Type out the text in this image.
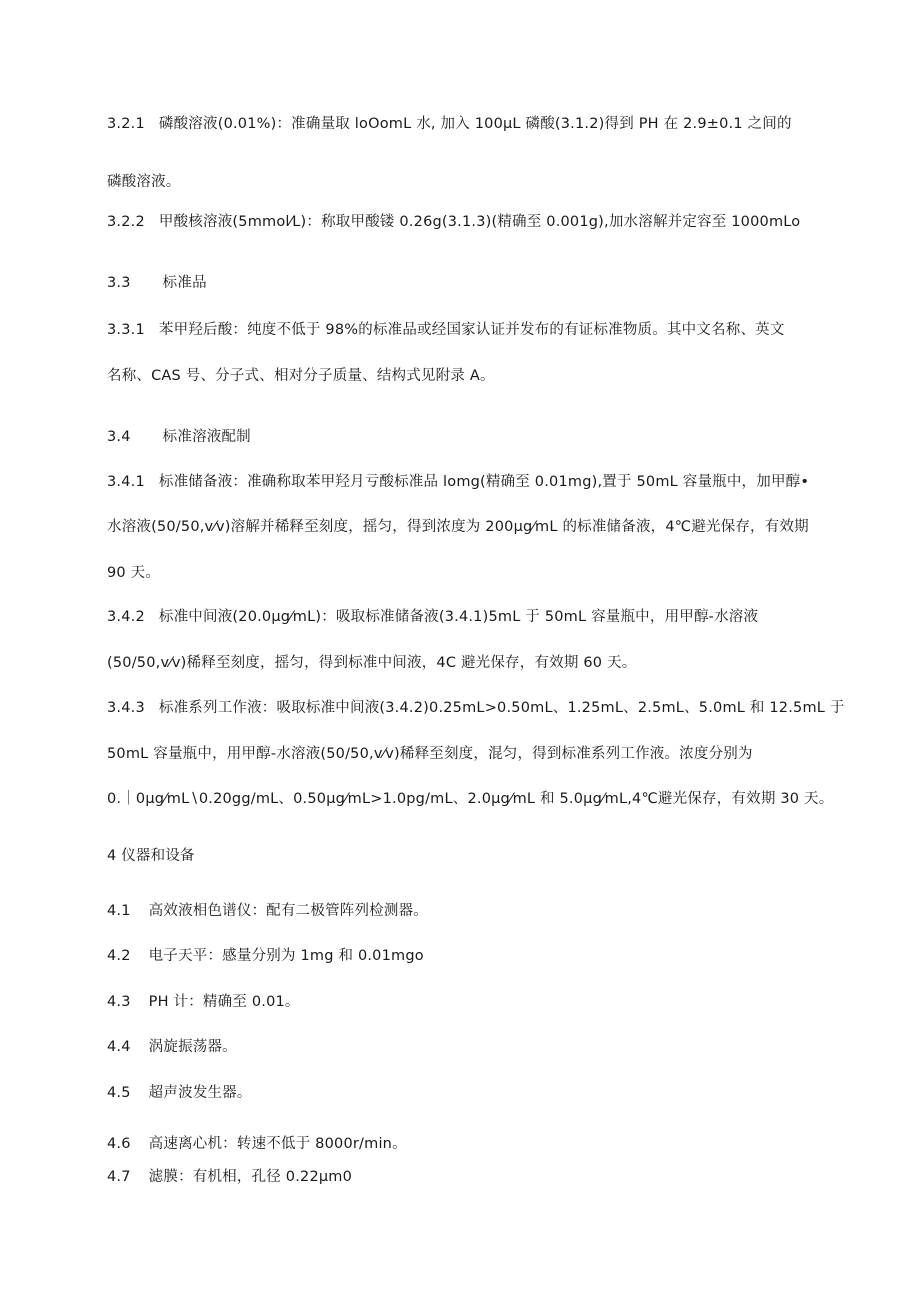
3.2.1 磷酸溶液(0.01%)：准确量取 loOomL 水, 加入 100μL 磷酸(3.1.2)得到 PH 在 2.9±0.1 之间的
磷酸溶液。
3.2.2 甲酸核溶液(5mmol⁄L)：称取甲酸镂 0.26g(3.1.3)(精确至 0.001g),加水溶解并定容至 1000mLo
3.3 标准品
3.3.1 苯甲羟后酸：纯度不低于 98%的标准品或经国家认证并发布的有证标准物质。其中文名称、英文
名称、CAS 号、分子式、相对分子质量、结构式见附录 A。
3.4 标准溶液配制
3.4.1 标准储备液：准确称取苯甲羟月亏酸标准品 lomg(精确至 0.01mg),置于 50mL 容量瓶中，加甲醇•
水溶液(50/50,v⁄v)溶解并稀释至刻度，摇匀，得到浓度为 200μg⁄mL 的标准储备液，4℃避光保存，有效期
90 天。
3.4.2 标准中间液(20.0μg⁄mL)：吸取标准储备液(3.4.1)5mL 于 50mL 容量瓶中，用甲醇-水溶液
(50/50,v⁄v)稀释至刻度，摇匀，得到标准中间液，4C 避光保存，有效期 60 天。
3.4.3 标准系列工作液：吸取标准中间液(3.4.2)0.25mL>0.50mL、1.25mL、2.5mL、5.0mL 和 12.5mL 于
50mL 容量瓶中，用甲醇-水溶液(50/50,v⁄v)稀释至刻度，混匀，得到标准系列工作液。浓度分别为
0.｜0μg⁄mL∖0.20gg/mL、0.50μg⁄mL>1.0pg/mL、2.0μg⁄mL 和 5.0μg⁄mL,4℃避光保存，有效期 30 天。
4 仪器和设备
4.1 高效液相色谱仪：配有二极管阵列检测器。
4.2 电子天平：感量分别为 1mg 和 0.01mgo
4.3 PH 计：精确至 0.01。
4.4 涡旋振荡器。
4.5 超声波发生器。
4.6 高速离心机：转速不低于 8000r/min。
4.7 滤膜：有机相，孔径 0.22μm0
